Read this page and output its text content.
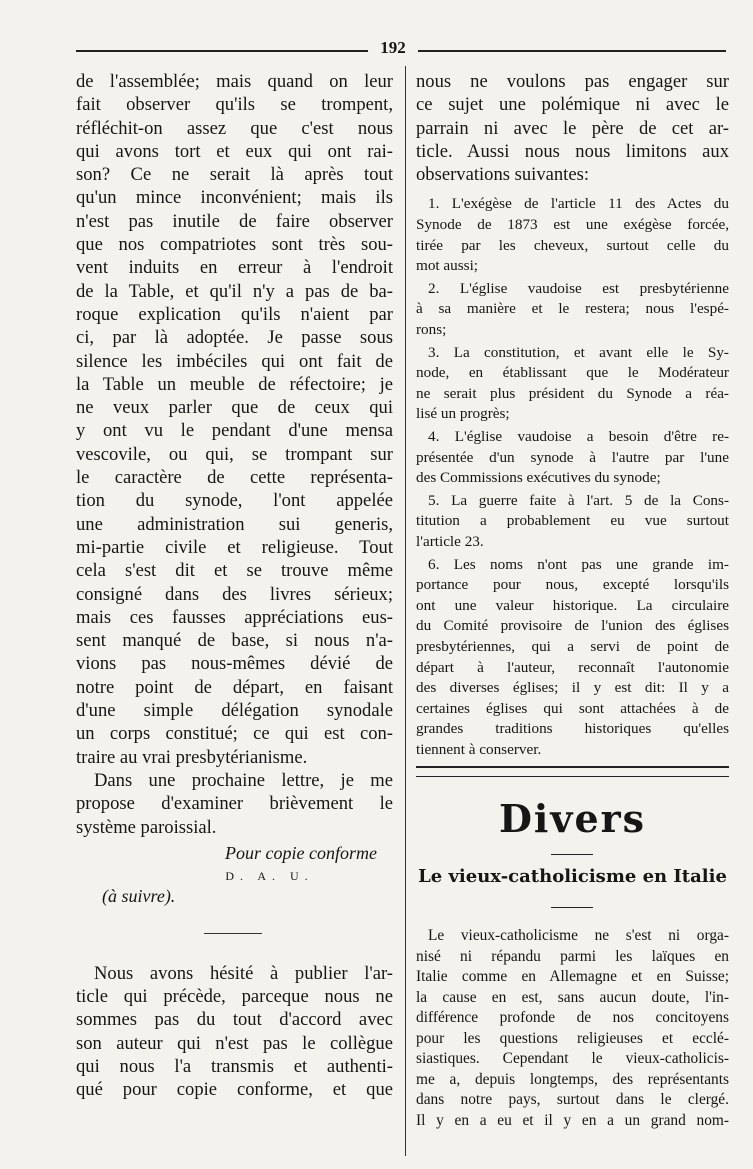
192

de l'assemblée; mais quand on leur
fait observer qu'ils se trompent,
réfléchit-on assez que c'est nous
qui avons tort et eux qui ont rai-
son? Ce ne serait là après tout
qu'un mince inconvénient; mais ils
n'est pas inutile de faire observer
que nos compatriotes sont très sou-
vent induits en erreur à l'endroit
de la Table, et qu'il n'y a pas de ba-
roque explication qu'ils n'aient par
ci, par là adoptée. Je passe sous
silence les imbéciles qui ont fait de
la Table un meuble de réfectoire; je
ne veux parler que de ceux qui
y ont vu le pendant d'une mensa
vescovile, ou qui, se trompant sur
le caractère de cette représenta-
tion du synode, l'ont appelée
une administration sui generis,
mi-partie civile et religieuse. Tout
cela s'est dit et se trouve même
consigné dans des livres sérieux;
mais ces fausses appréciations eus-
sent manqué de base, si nous n'a-
vions pas nous-mêmes dévié de
notre point de départ, en faisant
d'une simple délégation synodale
un corps constitué; ce qui est con-
traire au vrai presbytérianisme.

Dans une prochaine lettre, je me

propose d'examiner brièvement le
système paroissial.

Pour copie conforme
D. A. U.
(à suivre).

Nous avons hésité à publier l'ar-

ticle qui précède, parceque nous ne
sommes pas du tout d'accord avec
son auteur qui n'est pas le collègue
qui nous l'a transmis et authenti-
qué pour copie conforme, et que

nous ne voulons pas engager sur
ce sujet une polémique ni avec le
parrain ni avec le père de cet ar-
ticle. Aussi nous nous limitons aux
observations suivantes:

1. L'exégèse de l'article 11 des Actes du

Synode de 1873 est une exégèse forcée,
tirée par les cheveux, surtout celle du
mot aussi;

2. L'église vaudoise est presbytérienne

à sa manière et le restera; nous l'espé-
rons;

3. La constitution, et avant elle le Sy-

node, en établissant que le Modérateur
ne serait plus président du Synode a réa-
lisé un progrès;

4. L'église vaudoise a besoin d'être re-

présentée d'un synode à l'autre par l'une
des Commissions exécutives du synode;

5. La guerre faite à l'art. 5 de la Cons-

titution a probablement eu vue surtout
l'article 23.

6. Les noms n'ont pas une grande im-

portance pour nous, excepté lorsqu'ils
ont une valeur historique. La circulaire
du Comité provisoire de l'union des églises
presbytériennes, qui a servi de point de
départ à l'auteur, reconnaît l'autonomie
des diverses églises; il y est dit: Il y a
certaines églises qui sont attachées à de
grandes traditions historiques qu'elles
tiennent à conserver.

Divers
Le vieux-catholicisme en Italie

Le vieux-catholicisme ne s'est ni orga-

nisé ni répandu parmi les laïques en
Italie comme en Allemagne et en Suisse;
la cause en est, sans aucun doute, l'in-
différence profonde de nos concitoyens
pour les questions religieuses et ecclé-
siastiques. Cependant le vieux-catholicis-
me a, depuis longtemps, des représentants
dans notre pays, surtout dans le clergé.
Il y en a eu et il y en a un grand nom-
